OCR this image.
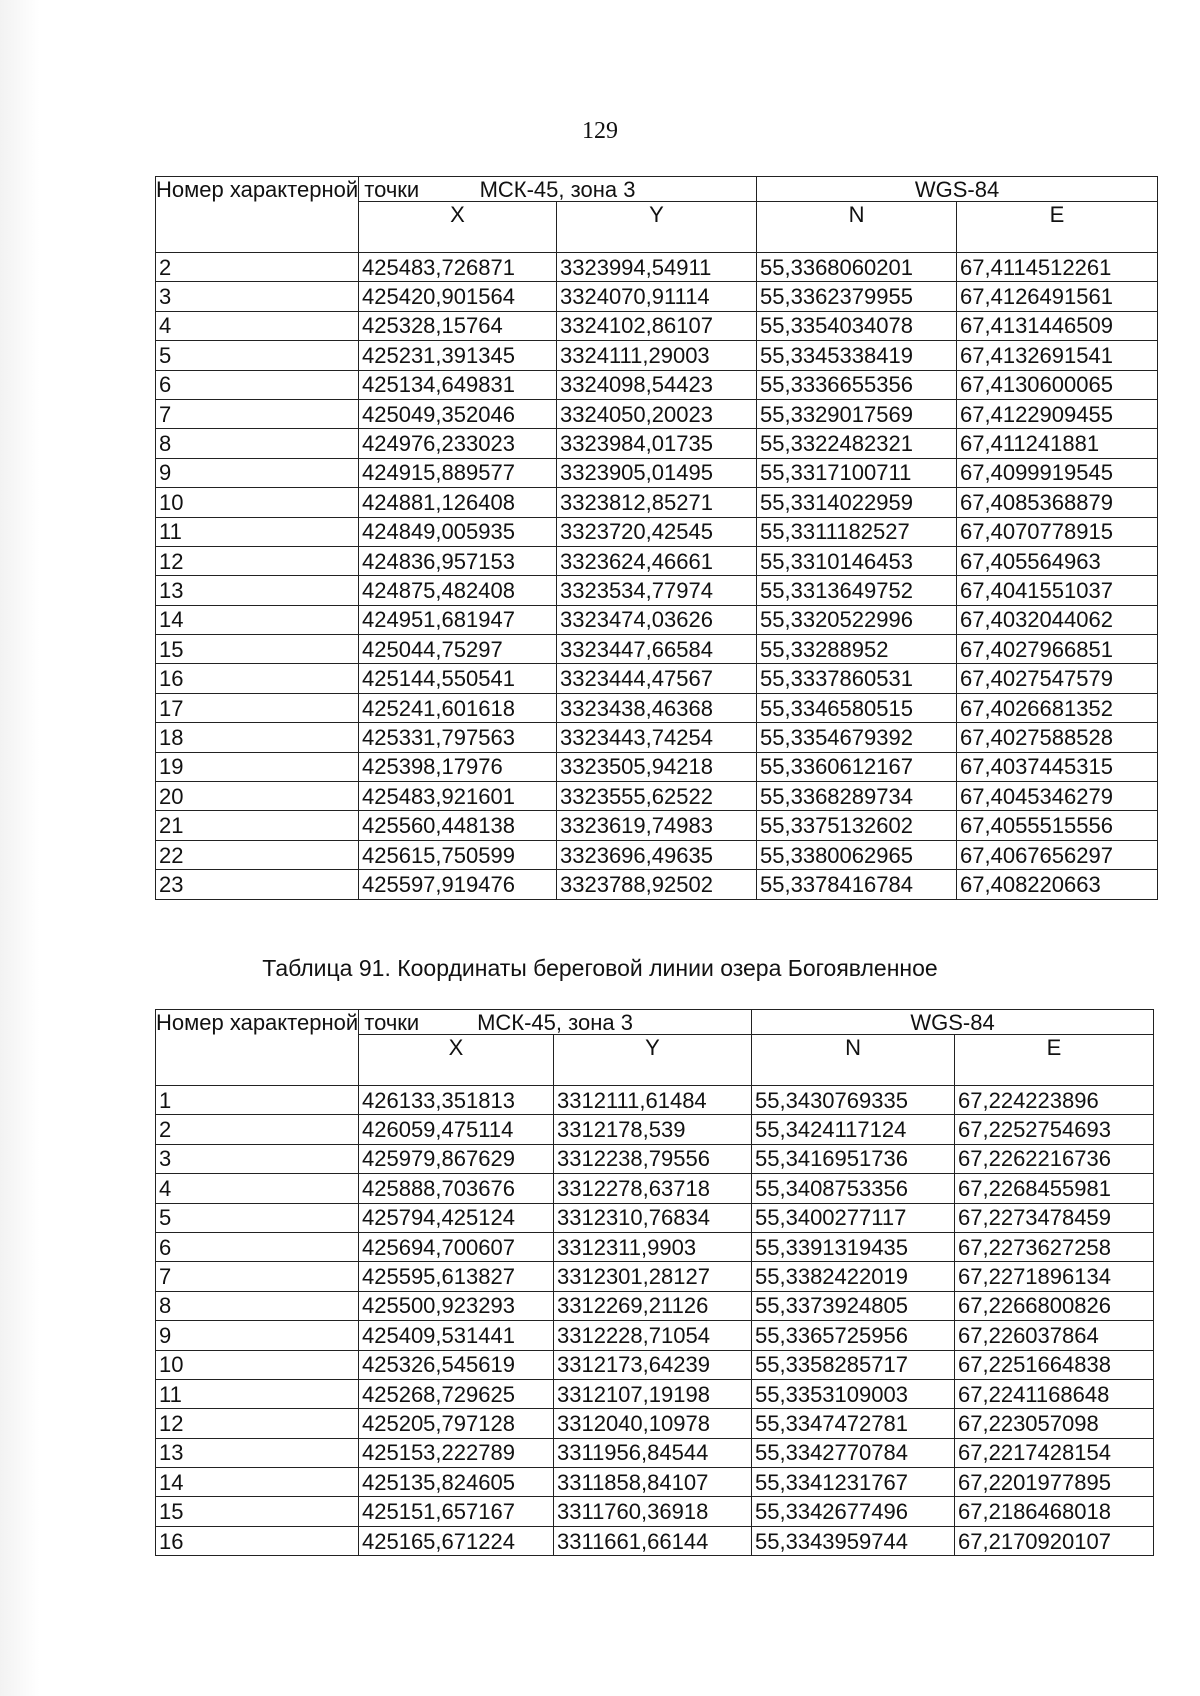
129
Номер характерной точки	МСК-45, зона 3		WGS-84	
	X	Y	N	E
2	425483,726871	3323994,54911	55,3368060201	67,4114512261
3	425420,901564	3324070,91114	55,3362379955	67,4126491561
4	425328,15764	3324102,86107	55,3354034078	67,4131446509
5	425231,391345	3324111,29003	55,3345338419	67,4132691541
6	425134,649831	3324098,54423	55,3336655356	67,4130600065
7	425049,352046	3324050,20023	55,3329017569	67,4122909455
8	424976,233023	3323984,01735	55,3322482321	67,411241881
9	424915,889577	3323905,01495	55,3317100711	67,4099919545
10	424881,126408	3323812,85271	55,3314022959	67,4085368879
11	424849,005935	3323720,42545	55,3311182527	67,4070778915
12	424836,957153	3323624,46661	55,3310146453	67,405564963
13	424875,482408	3323534,77974	55,3313649752	67,4041551037
14	424951,681947	3323474,03626	55,3320522996	67,4032044062
15	425044,75297	3323447,66584	55,33288952	67,4027966851
16	425144,550541	3323444,47567	55,3337860531	67,4027547579
17	425241,601618	3323438,46368	55,3346580515	67,4026681352
18	425331,797563	3323443,74254	55,3354679392	67,4027588528
19	425398,17976	3323505,94218	55,3360612167	67,4037445315
20	425483,921601	3323555,62522	55,3368289734	67,4045346279
21	425560,448138	3323619,74983	55,3375132602	67,4055515556
22	425615,750599	3323696,49635	55,3380062965	67,4067656297
23	425597,919476	3323788,92502	55,3378416784	67,408220663
Таблица 91. Координаты береговой линии озера Богоявленное
Номер характерной точки	МСК-45, зона 3		WGS-84	
	X	Y	N	E
1	426133,351813	3312111,61484	55,3430769335	67,224223896
2	426059,475114	3312178,539	55,3424117124	67,2252754693
3	425979,867629	3312238,79556	55,3416951736	67,2262216736
4	425888,703676	3312278,63718	55,3408753356	67,2268455981
5	425794,425124	3312310,76834	55,3400277117	67,2273478459
6	425694,700607	3312311,9903	55,3391319435	67,2273627258
7	425595,613827	3312301,28127	55,3382422019	67,2271896134
8	425500,923293	3312269,21126	55,3373924805	67,2266800826
9	425409,531441	3312228,71054	55,3365725956	67,226037864
10	425326,545619	3312173,64239	55,3358285717	67,2251664838
11	425268,729625	3312107,19198	55,3353109003	67,2241168648
12	425205,797128	3312040,10978	55,3347472781	67,223057098
13	425153,222789	3311956,84544	55,3342770784	67,2217428154
14	425135,824605	3311858,84107	55,3341231767	67,2201977895
15	425151,657167	3311760,36918	55,3342677496	67,2186468018
16	425165,671224	3311661,66144	55,3343959744	67,2170920107
